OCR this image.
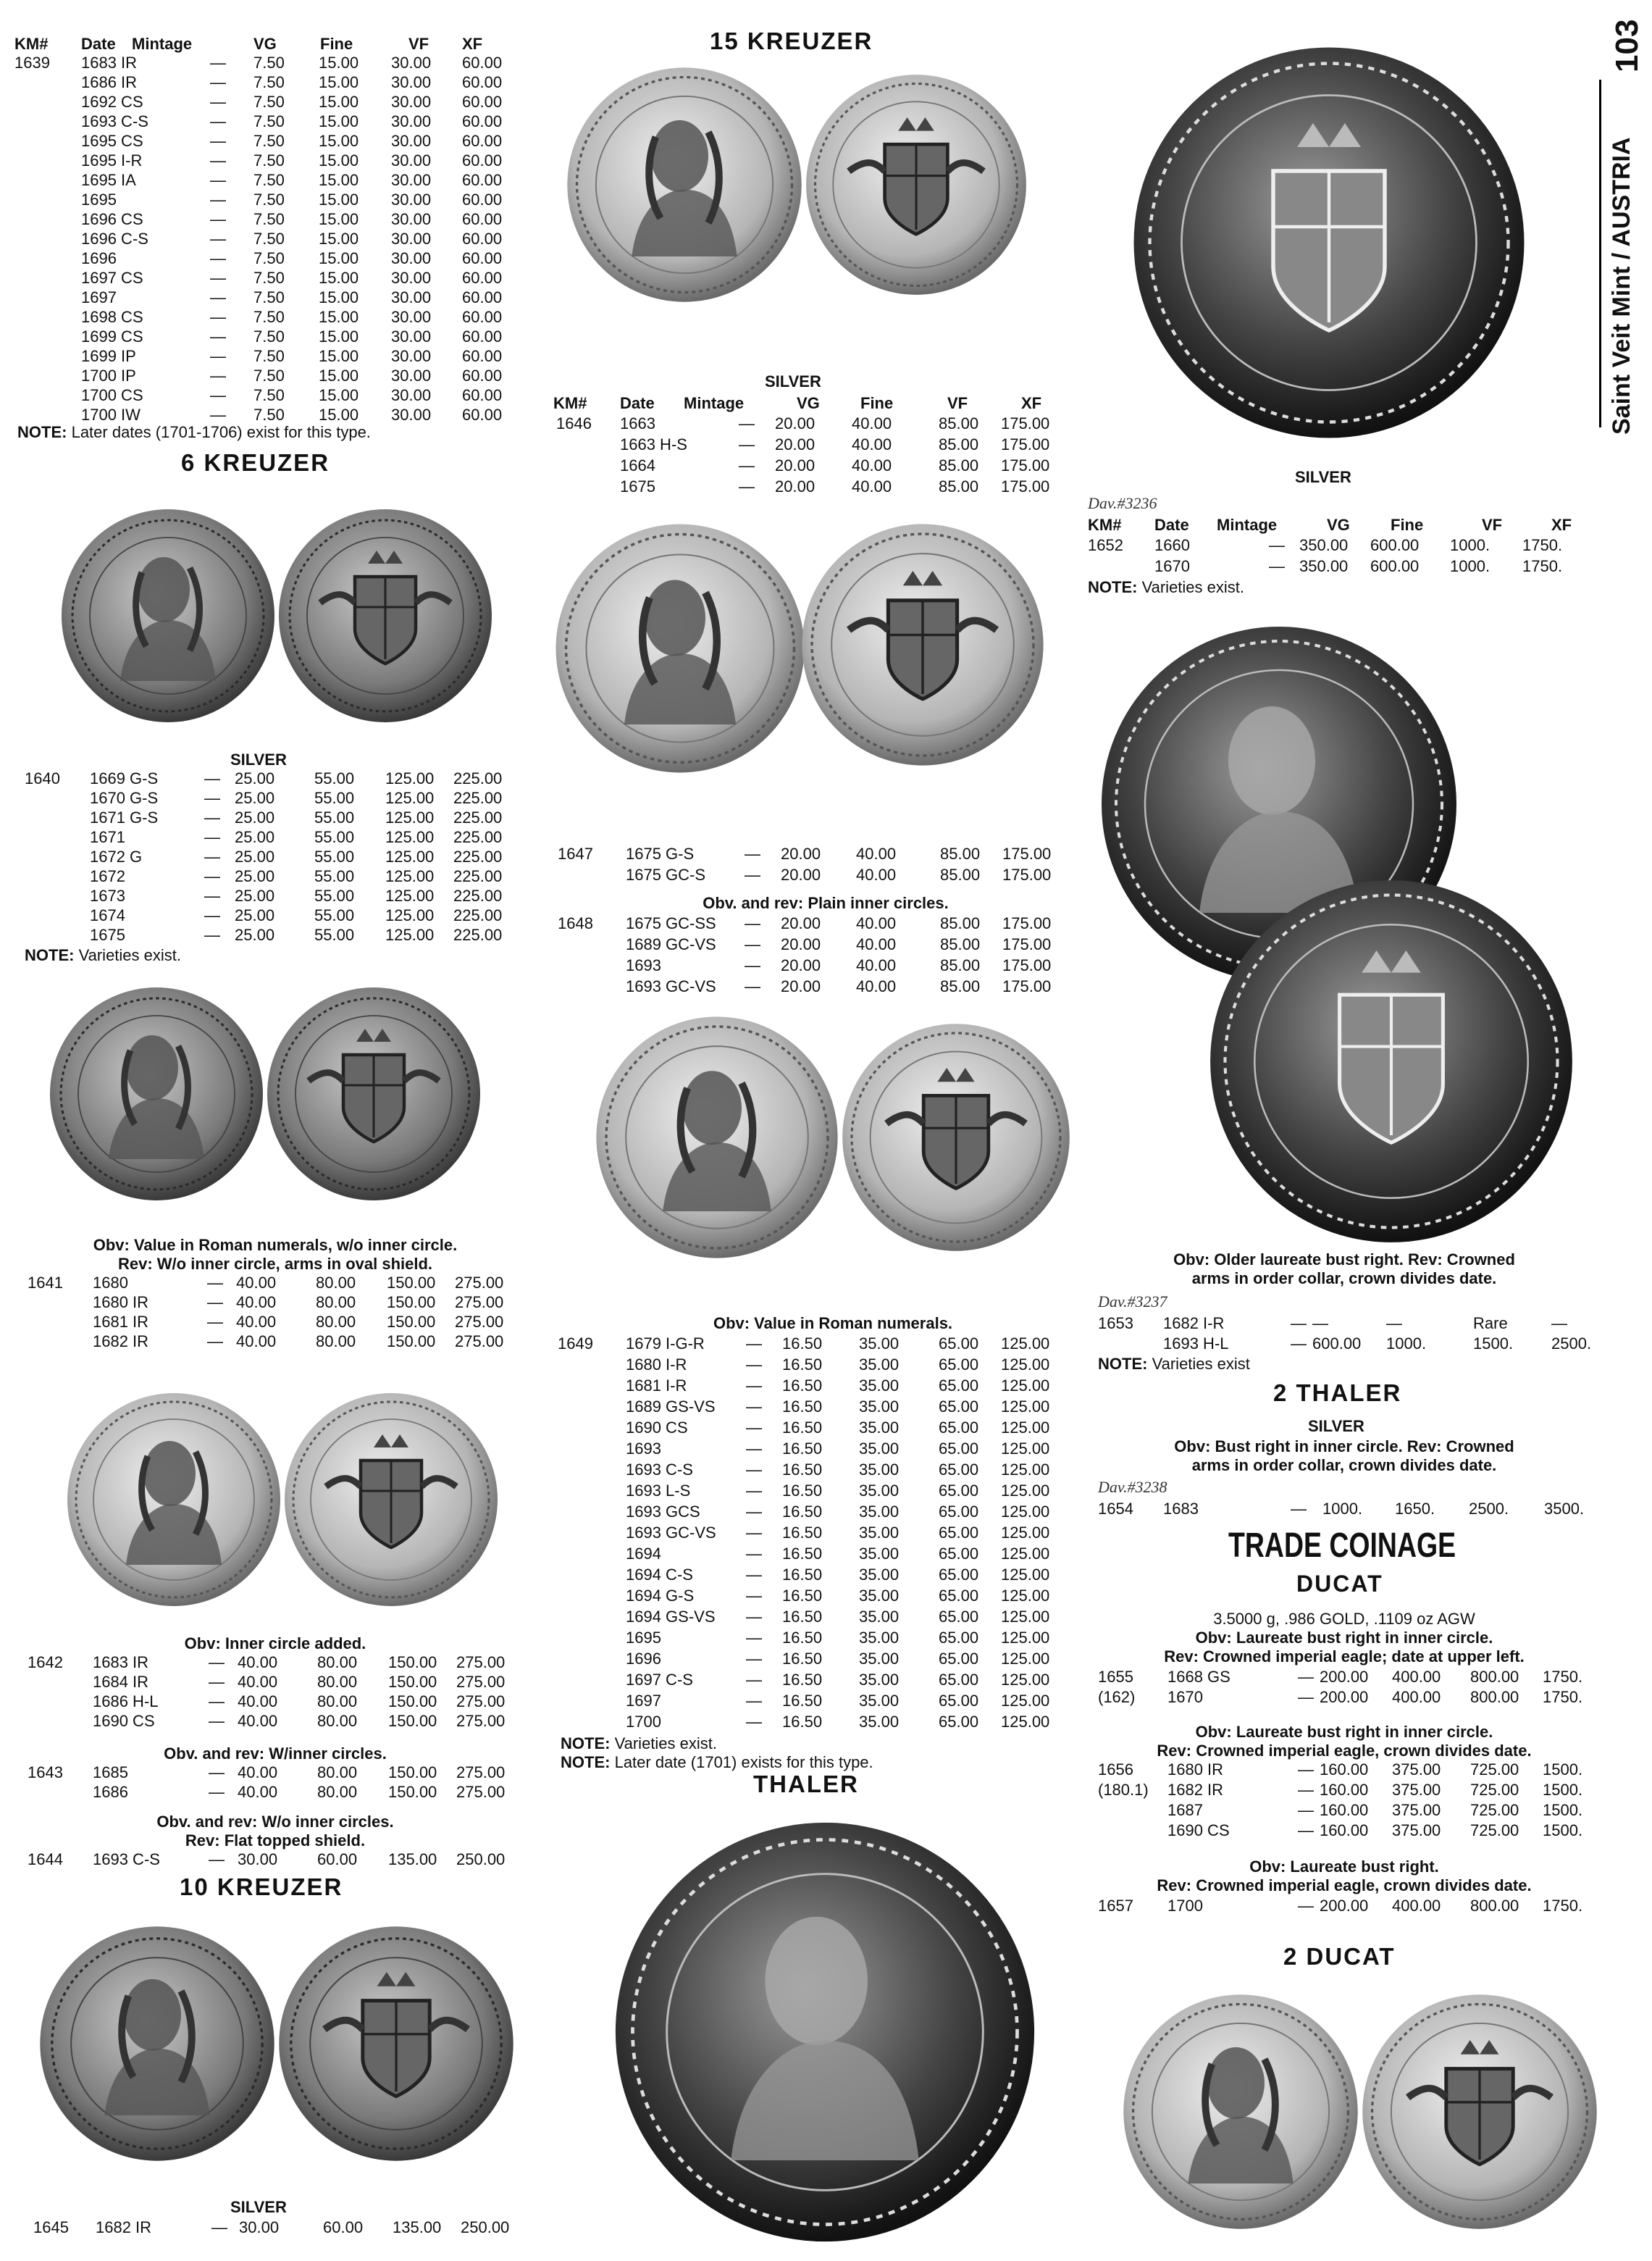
103
Saint Veit Mint / AUSTRIA
KM# Date Mintage	VG	Fine	VF XF
1639 1683 IR	— 7.50 15.00 30.00 60.00
1686 IR	— 7.50 15.00 30.00 60.00
1692 CS	— 7.50 15.00 30.00 60.00
1693 C-S	— 7.50 15.00 30.00 60.00
1695 CS	— 7.50 15.00 30.00 60.00
1695 I-R	— 7.50 15.00 30.00 60.00
1695 IA	— 7.50 15.00 30.00 60.00
1695	— 7.50 15.00 30.00 60.00
1696 CS	— 7.50 15.00 30.00 60.00
1696 C-S	— 7.50 15.00 30.00 60.00
1696	— 7.50 15.00 30.00 60.00
1697 CS	— 7.50 15.00 30.00 60.00
1697	— 7.50 15.00 30.00 60.00
1698 CS	— 7.50 15.00 30.00 60.00
1699 CS	— 7.50 15.00 30.00 60.00
1699 IP	— 7.50 15.00 30.00 60.00
1700 IP	— 7.50 15.00 30.00 60.00
1700 CS	— 7.50 15.00 30.00 60.00
1700 IW	— 7.50 15.00 30.00 60.00
NOTE: Later dates (1701-1706) exist for this type.
6 KREUZER
SILVER
1640 1669 G-S	— 25.00 55.00 125.00 225.00
1670 G-S	— 25.00 55.00 125.00 225.00
1671 G-S	— 25.00 55.00 125.00 225.00
1671	— 25.00 55.00 125.00 225.00
1672 G	— 25.00 55.00 125.00 225.00
1672	— 25.00 55.00 125.00 225.00
1673	— 25.00 55.00 125.00 225.00
1674	— 25.00 55.00 125.00 225.00
1675	— 25.00 55.00 125.00 225.00
NOTE: Varieties exist.
Obv: Value in Roman numerals, w/o inner circle.
Rev: W/o inner circle, arms in oval shield.
1641 1680	— 40.00 80.00 150.00 275.00
1680 IR	— 40.00 80.00 150.00 275.00
1681 IR	— 40.00 80.00 150.00 275.00
1682 IR	— 40.00 80.00 150.00 275.00
Obv: Inner circle added.
1642 1683 IR	— 40.00 80.00 150.00 275.00
1684 IR	— 40.00 80.00 150.00 275.00
1686 H-L	— 40.00 80.00 150.00 275.00
1690 CS	— 40.00 80.00 150.00 275.00
Obv. and rev: W/inner circles.
1643 1685	— 40.00 80.00 150.00 275.00
1686	— 40.00 80.00 150.00 275.00
Obv. and rev: W/o inner circles.
Rev: Flat topped shield.
1644 1693 C-S	— 30.00 60.00 135.00 250.00
10 KREUZER
SILVER
1645 1682 IR	— 30.00	60.00 135.00 250.00
15 KREUZER
SILVER
KM# Date Mintage	VG	Fine	VF	XF
1646 1663	— 20.00 40.00	85.00 175.00
1663 H-S	— 20.00 40.00	85.00 175.00
1664	— 20.00 40.00	85.00 175.00
1675	— 20.00 40.00	85.00 175.00
1647 1675 G-S	— 20.00 40.00	85.00 175.00
1675 GC-S — 20.00 40.00	85.00 175.00
Obv. and rev: Plain inner circles.
1648 1675 GC-SS — 20.00 40.00	85.00 175.00
1689 GC-VS — 20.00 40.00	85.00 175.00
1693	— 20.00 40.00	85.00 175.00
1693 GC-VS — 20.00 40.00	85.00 175.00
Obv: Value in Roman numerals.
1649 1679 I-G-R	— 16.50 35.00 65.00 125.00
1680 I-R	— 16.50 35.00 65.00 125.00
1681 I-R	— 16.50 35.00 65.00 125.00
1689 GS-VS — 16.50 35.00 65.00 125.00
1690 CS	— 16.50 35.00 65.00 125.00
1693	— 16.50 35.00 65.00 125.00
1693 C-S	— 16.50 35.00 65.00 125.00
1693 L-S	— 16.50 35.00 65.00 125.00
1693 GCS	— 16.50 35.00 65.00 125.00
1693 GC-VS — 16.50 35.00 65.00 125.00
1694	— 16.50 35.00 65.00 125.00
1694 C-S	— 16.50 35.00 65.00 125.00
1694 G-S	— 16.50 35.00 65.00 125.00
1694 GS-VS — 16.50 35.00 65.00 125.00
1695	— 16.50 35.00 65.00 125.00
1696	— 16.50 35.00 65.00 125.00
1697 C-S	— 16.50 35.00 65.00 125.00
1697	— 16.50 35.00 65.00 125.00
1700	— 16.50 35.00 65.00 125.00
NOTE: Varieties exist.
NOTE: Later date (1701) exists for this type.
THALER
SILVER
Dav.#3236
KM# Date Mintage	VG	Fine	VF	XF
1652 1660	— 350.00 600.00 1000. 1750.
1670	— 350.00 600.00 1000. 1750.
NOTE: Varieties exist.
Obv: Older laureate bust right. Rev: Crowned
arms in order collar, crown divides date.
Dav.#3237
1653 1682 I-R	— —	—	Rare	—
1693 H-L	— 600.00 1000.	1500. 2500.
NOTE: Varieties exist
2 THALER
SILVER
Obv: Bust right in inner circle. Rev: Crowned
arms in order collar, crown divides date.
Dav.#3238
1654 1683	— 1000. 1650. 2500. 3500.
TRADE COINAGE
DUCAT
3.5000 g, .986 GOLD, .1109 oz AGW
Obv: Laureate bust right in inner circle.
Rev: Crowned imperial eagle; date at upper left.
1655 1668 GS	— 200.00 400.00 800.00 1750.
(162) 1670	— 200.00 400.00 800.00 1750.
Obv: Laureate bust right in inner circle.
Rev: Crowned imperial eagle, crown divides date.
1656 1680 IR	— 160.00 375.00 725.00 1500.
(180.1) 1682 IR	— 160.00 375.00 725.00 1500.
1687	— 160.00 375.00 725.00 1500.
1690 CS	— 160.00 375.00 725.00 1500.
Obv: Laureate bust right.
Rev: Crowned imperial eagle, crown divides date.
1657 1700	— 200.00 400.00 800.00 1750.
2 DUCAT
